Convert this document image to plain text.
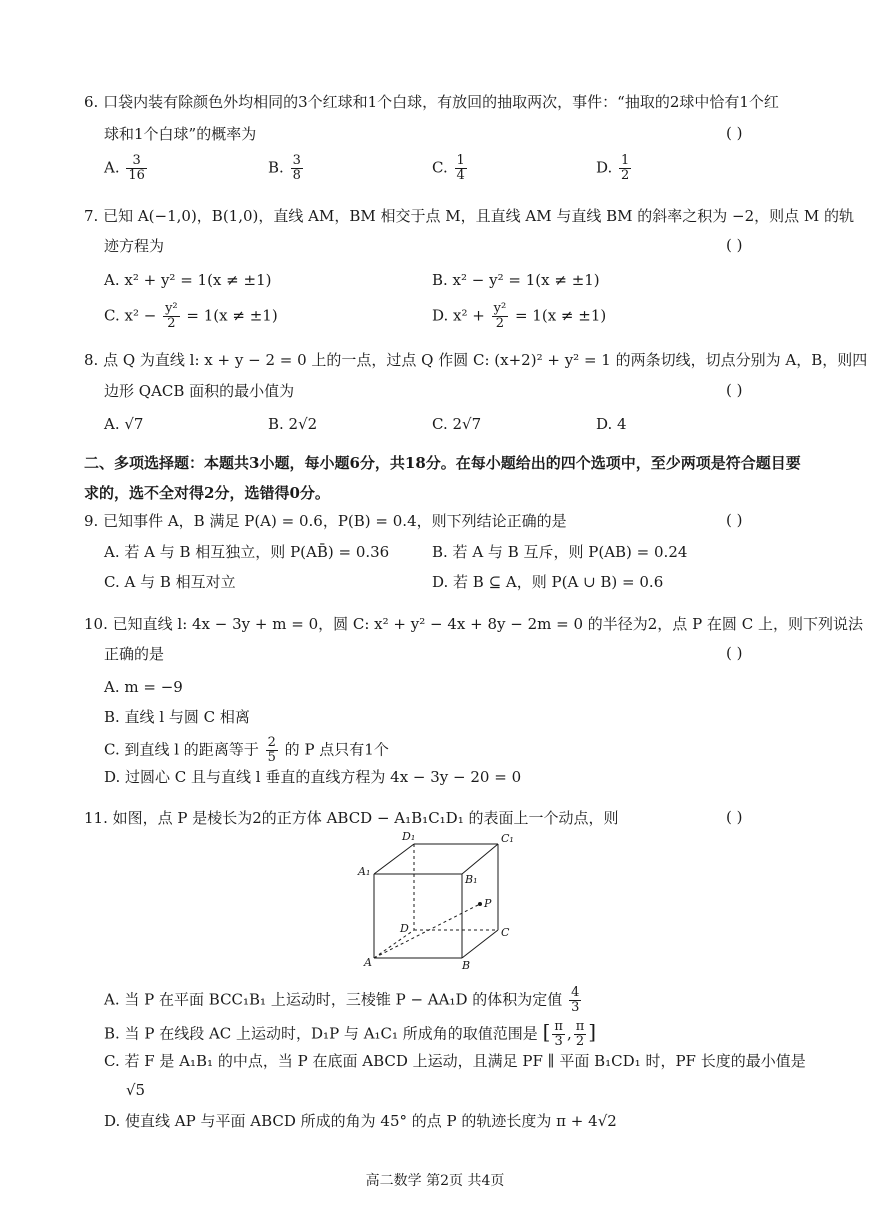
6. 口袋内装有除颜色外均相同的3个红球和1个白球，有放回的抽取两次，事件：“抽取的2球中恰有1个红
球和1个白球”的概率为	( )
A. $\frac{3}{16}$	B. $\frac{3}{8}$	C. $\frac{1}{4}$	D. $\frac{1}{2}$
7. 已知 A(−1,0)，B(1,0)，直线 AM，BM 相交于点 M，且直线 AM 与直线 BM 的斜率之积为 −2，则点 M 的轨
迹方程为	( )
A. x² + y² = 1(x ≠ ±1)	B. x² − y² = 1(x ≠ ±1)
C. $x^2 - \frac{\text{y²}}{2} = 1(x \ne \pm 1)$	D. $x^2 + \frac{\text{y²}}{2} = 1(x \ne \pm 1)$
8. 点 Q 为直线 l: x + y − 2 = 0 上的一点，过点 Q 作圆 C: (x+2)² + y² = 1 的两条切线，切点分别为 A，B，则四
边形 QACB 面积的最小值为	( )
A. √7	B. 2√2	C. 2√7	D. 4
二、多项选择题：本题共3小题，每小题6分，共18分。在每小题给出的四个选项中，至少两项是符合题目要
求的，选不全对得2分，选错得0分。
9. 已知事件 A，B 满足 P(A) = 0.6，P(B) = 0.4，则下列结论正确的是	( )
A. 若 A 与 B 相互独立，则 P(AB̄) = 0.36	B. 若 A 与 B 互斥，则 P(AB) = 0.24
C. A 与 B 相互对立	D. 若 B ⊆ A，则 P(A ∪ B) = 0.6
10. 已知直线 l: 4x − 3y + m = 0，圆 C: x² + y² − 4x + 8y − 2m = 0 的半径为2，点 P 在圆 C 上，则下列说法
正确的是	( )
A. m = −9
B. 直线 l 与圆 C 相离
C. 到直线 l 的距离等于 $\frac{2}{5}$ 的 P 点只有1个
D. 过圆心 C 且与直线 l 垂直的直线方程为 4x − 3y − 20 = 0
11. 如图，点 P 是棱长为2的正方体 ABCD − A₁B₁C₁D₁ 的表面上一个动点，则	( )
D₁	C₁
A₁
B₁
P
D	C
A	B
A. 当 P 在平面 BCC₁B₁ 上运动时，三棱锥 P − AA₁D 的体积为定值 $\frac{4}{3}$
B. 当 P 在线段 AC 上运动时，D₁P 与 A₁C₁ 所成角的取值范围是 [ $\frac{\pi}{3}$ , $\frac{\pi}{2}$ ]
C. 若 F 是 A₁B₁ 的中点，当 P 在底面 ABCD 上运动，且满足 PF ∥ 平面 B₁CD₁ 时，PF 长度的最小值是
√5
D. 使直线 AP 与平面 ABCD 所成的角为 45° 的点 P 的轨迹长度为 π + 4√2
高二数学 第2页 共4页
